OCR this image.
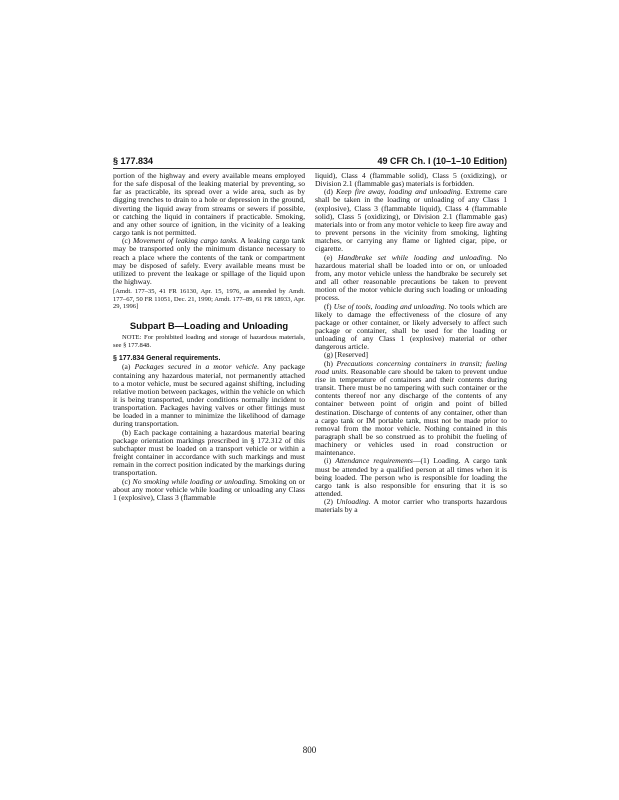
§ 177.834	49 CFR Ch. I (10–1–10 Edition)

portion of the highway and every available means employed for the safe disposal of the leaking material by preventing, so far as practicable, its spread over a wide area, such as by digging trenches to drain to a hole or depression in the ground, diverting the liquid away from streams or sewers if possible, or catching the liquid in containers if practicable. Smoking, and any other source of ignition, in the vicinity of a leaking cargo tank is not permitted.

(c) Movement of leaking cargo tanks. A leaking cargo tank may be transported only the minimum distance necessary to reach a place where the contents of the tank or compartment may be disposed of safely. Every available means must be utilized to prevent the leakage or spillage of the liquid upon the highway.

[Amdt. 177–35, 41 FR 16130, Apr. 15, 1976, as amended by Amdt. 177–67, 50 FR 11051, Dec. 21, 1990; Amdt. 177–89, 61 FR 18933, Apr. 29, 1996]

Subpart B—Loading and Unloading

NOTE: For prohibited loading and storage of hazardous materials, see § 177.848.

§ 177.834 General requirements.

(a) Packages secured in a motor vehicle. Any package containing any hazardous material, not permanently attached to a motor vehicle, must be secured against shifting, including relative motion between packages, within the vehicle on which it is being transported, under conditions normally incident to transportation. Packages having valves or other fittings must be loaded in a manner to minimize the likelihood of damage during transportation.

(b) Each package containing a hazardous material bearing package orientation markings prescribed in § 172.312 of this subchapter must be loaded on a transport vehicle or within a freight container in accordance with such markings and must remain in the correct position indicated by the markings during transportation.

(c) No smoking while loading or unloading. Smoking on or about any motor vehicle while loading or unloading any Class 1 (explosive), Class 3 (flammable

liquid), Class 4 (flammable solid), Class 5 (oxidizing), or Division 2.1 (flammable gas) materials is forbidden.

(d) Keep fire away, loading and unloading. Extreme care shall be taken in the loading or unloading of any Class 1 (explosive), Class 3 (flammable liquid), Class 4 (flammable solid), Class 5 (oxidizing), or Division 2.1 (flammable gas) materials into or from any motor vehicle to keep fire away and to prevent persons in the vicinity from smoking, lighting matches, or carrying any flame or lighted cigar, pipe, or cigarette.

(e) Handbrake set while loading and unloading. No hazardous material shall be loaded into or on, or unloaded from, any motor vehicle unless the handbrake be securely set and all other reasonable precautions be taken to prevent motion of the motor vehicle during such loading or unloading process.

(f) Use of tools, loading and unloading. No tools which are likely to damage the effectiveness of the closure of any package or other container, or likely adversely to affect such package or container, shall be used for the loading or unloading of any Class 1 (explosive) material or other dangerous article.

(g) [Reserved]

(h) Precautions concerning containers in transit; fueling road units. Reasonable care should be taken to prevent undue rise in temperature of containers and their contents during transit. There must be no tampering with such container or the contents thereof nor any discharge of the contents of any container between point of origin and point of billed destination. Discharge of contents of any container, other than a cargo tank or IM portable tank, must not be made prior to removal from the motor vehicle. Nothing contained in this paragraph shall be so construed as to prohibit the fueling of machinery or vehicles used in road construction or maintenance.

(i) Attendance requirements—(1) Loading. A cargo tank must be attended by a qualified person at all times when it is being loaded. The person who is responsible for loading the cargo tank is also responsible for ensuring that it is so attended.

(2) Unloading. A motor carrier who transports hazardous materials by a

800
